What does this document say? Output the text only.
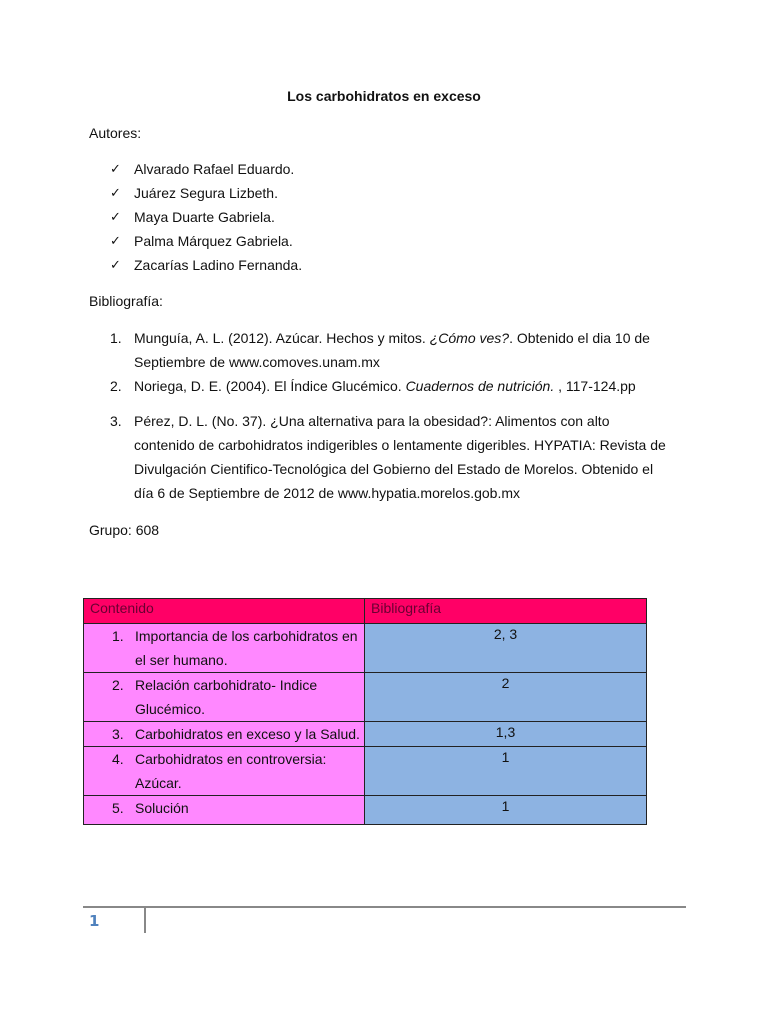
Los carbohidratos en exceso
Autores:
✓ Alvarado Rafael Eduardo.
✓ Juárez Segura Lizbeth.
✓ Maya Duarte Gabriela.
✓ Palma Márquez Gabriela.
✓ Zacarías Ladino Fernanda.
Bibliografía:
1. Munguía, A. L. (2012). Azúcar. Hechos y mitos. ¿Cómo ves?. Obtenido el dia 10 de Septiembre de www.comoves.unam.mx
2. Noriega, D. E. (2004). El Índice Glucémico. Cuadernos de nutrición. , 117-124.pp
3. Pérez, D. L. (No. 37). ¿Una alternativa para la obesidad?: Alimentos con alto contenido de carbohidratos indigeribles o lentamente digeribles. HYPATIA: Revista de Divulgación Cientifico-Tecnológica del Gobierno del Estado de Morelos. Obtenido el día 6 de Septiembre de 2012 de www.hypatia.morelos.gob.mx
Grupo: 608
Contenido	Bibliografía

1. Importancia de los carbohidratos en el ser humano.	2, 3

2. Relación carbohidrato- Indice Glucémico.	2

3. Carbohidratos en exceso y la Salud.	1,3

4. Carbohidratos en controversia: Azúcar.	1

5. Solución	1
1
